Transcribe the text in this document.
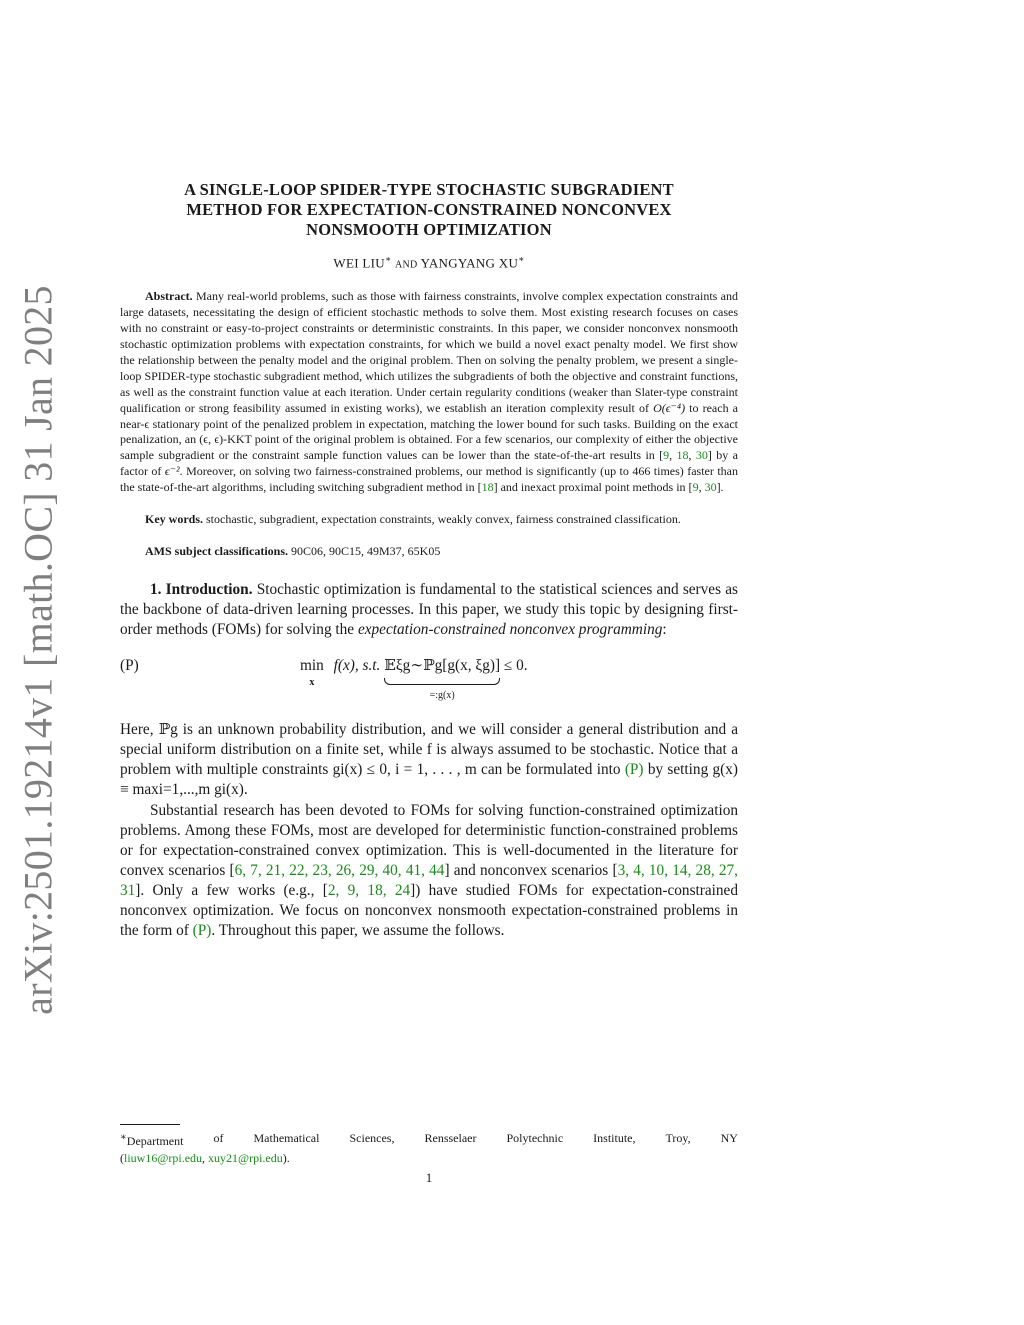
arXiv:2501.19214v1 [math.OC] 31 Jan 2025
A SINGLE-LOOP SPIDER-TYPE STOCHASTIC SUBGRADIENT
METHOD FOR EXPECTATION-CONSTRAINED NONCONVEX
NONSMOOTH OPTIMIZATION
WEI LIU∗ AND YANGYANG XU∗

Abstract. Many real-world problems, such as those with fairness constraints, involve complex expectation constraints and large datasets, necessitating the design of efficient stochastic methods to solve them. Most existing research focuses on cases with no constraint or easy-to-project constraints or deterministic constraints. In this paper, we consider nonconvex nonsmooth stochastic optimization problems with expectation constraints, for which we build a novel exact penalty model. We first show the relationship between the penalty model and the original problem. Then on solving the penalty problem, we present a single-loop SPIDER-type stochastic subgradient method, which utilizes the subgradients of both the objective and constraint functions, as well as the constraint function value at each iteration. Under certain regularity conditions (weaker than Slater-type constraint qualification or strong feasibility assumed in existing works), we establish an iteration complexity result of O(ϵ⁻⁴) to reach a near-ϵ stationary point of the penalized problem in expectation, matching the lower bound for such tasks. Building on the exact penalization, an (ϵ, ϵ)-KKT point of the original problem is obtained. For a few scenarios, our complexity of either the objective sample subgradient or the constraint sample function values can be lower than the state-of-the-art results in [9, 18, 30] by a factor of ϵ⁻². Moreover, on solving two fairness-constrained problems, our method is significantly (up to 466 times) faster than the state-of-the-art algorithms, including switching subgradient method in [18] and inexact proximal point methods in [9, 30].

Key words. stochastic, subgradient, expectation constraints, weakly convex, fairness constrained classification.

AMS subject classifications. 90C06, 90C15, 49M37, 65K05

1. Introduction. Stochastic optimization is fundamental to the statistical sciences and serves as the backbone of data-driven learning processes. In this paper, we study this topic by designing first-order methods (FOMs) for solving the expectation-constrained nonconvex programming:

(P)	min
x
f(x), s.t. 𝔼ξg∼ℙg[g(x, ξg)]
=:g(x)
≤ 0.

Here, ℙg is an unknown probability distribution, and we will consider a general distribution and a special uniform distribution on a finite set, while f is always assumed to be stochastic. Notice that a problem with multiple constraints gi(x) ≤ 0, i = 1, . . . , m can be formulated into (P) by setting g(x) ≡ maxi=1,...,m gi(x).

Substantial research has been devoted to FOMs for solving function-constrained optimization problems. Among these FOMs, most are developed for deterministic function-constrained problems or for expectation-constrained convex optimization. This is well-documented in the literature for convex scenarios [6, 7, 21, 22, 23, 26, 29, 40, 41, 44] and nonconvex scenarios [3, 4, 10, 14, 28, 27, 31]. Only a few works (e.g., [2, 9, 18, 24]) have studied FOMs for expectation-constrained nonconvex optimization. We focus on nonconvex nonsmooth expectation-constrained problems in the form of (P). Throughout this paper, we assume the follows.

∗Department	of	Mathematical	Sciences,	Rensselaer	Polytechnic	Institute,	Troy,	NY
(liuw16@rpi.edu, xuy21@rpi.edu).
1
